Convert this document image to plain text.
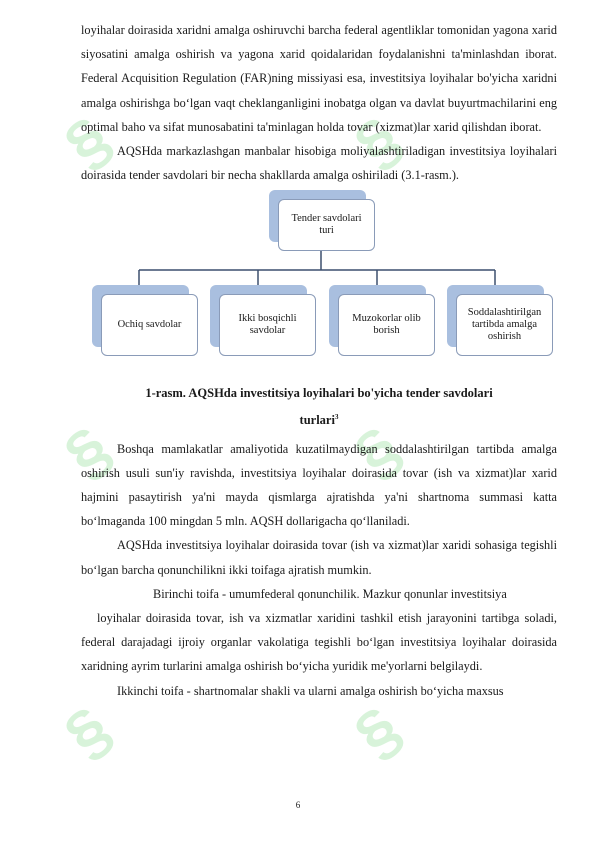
§	§
§	§
§	§

loyihalar doirasida xaridni amalga oshiruvchi barcha federal agentliklar tomonidan yagona xarid siyosatini amalga oshirish va yagona xarid qoidalaridan foydalanishni ta'minlashdan iborat. Federal Acquisition Regulation (FAR)ning missiyasi esa, investitsiya loyihalar bo'yicha xaridni amalga oshirishga bo‘lgan vaqt cheklanganligini inobatga olgan va davlat buyurtmachilarini eng optimal baho va sifat munosabatini ta'minlagan holda tovar (xizmat)lar xarid qilishdan iborat.

AQSHda markazlashgan manbalar hisobiga moliyalashtiriladigan investitsiya loyihalari doirasida tender savdolari bir necha shakllarda amalga oshiriladi (3.1-rasm.).

Tender savdolari turi
Ochiq savdolar
Ikki bosqichli savdolar
Muzokorlar olib borish
Soddalashtirilgan tartibda amalga oshirish
1-rasm. AQSHda investitsiya loyihalari bo'yicha tender savdolari
turlari$^3$

Boshqa mamlakatlar amaliyotida kuzatilmaydigan soddalashtirilgan tartibda amalga oshirish usuli sun'iy ravishda, investitsiya loyihalar doirasida tovar (ish va xizmat)lar xarid hajmini pasaytirish ya'ni mayda qismlarga ajratishda ya'ni shartnoma summasi katta bo‘lmaganda 100 mingdan 5 mln. AQSH dollarigacha qo‘llaniladi.

AQSHda investitsiya loyihalar doirasida tovar (ish va xizmat)lar xaridi sohasiga tegishli bo‘lgan barcha qonunchilikni ikki toifaga ajratish mumkin.

Birinchi toifa - umumfederal qonunchilik. Mazkur qonunlar investitsiya

loyihalar doirasida tovar, ish va xizmatlar xaridini tashkil etish jarayonini tartibga soladi, federal darajadagi ijroiy organlar vakolatiga tegishli bo‘lgan investitsiya loyihalar doirasida xaridning ayrim turlarini amalga oshirish bo‘yicha yuridik me'yorlarni belgilaydi.

Ikkinchi toifa - shartnomalar shakli va ularni amalga oshirish bo‘yicha maxsus

6
